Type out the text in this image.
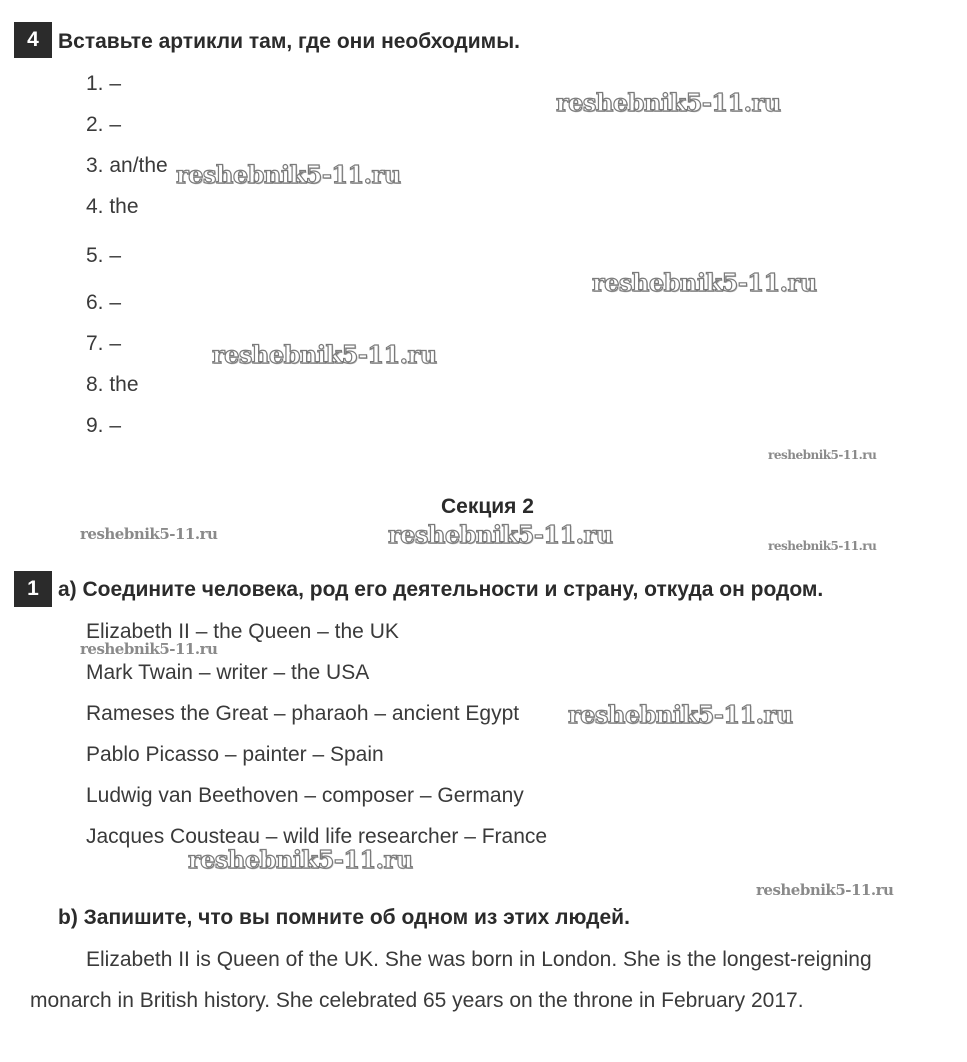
4 Вставьте артикли там, где они необходимы.
1. –
2. –
3. an/the
4. the
5. –
6. –
7. –
8. the
9. –
Секция 2
1 a) Соедините человека, род его деятельности и страну, откуда он родом.
Elizabeth II – the Queen – the UK
Mark Twain – writer – the USA
Rameses the Great – pharaoh – ancient Egypt
Pablo Picasso – painter – Spain
Ludwig van Beethoven – composer – Germany
Jacques Cousteau – wild life researcher – France
b) Запишите, что вы помните об одном из этих людей.
Elizabeth II is Queen of the UK. She was born in London. She is the longest-reigning
monarch in British history. She celebrated 65 years on the throne in February 2017.
reshebnik5-11.ru
reshebnik5-11.ru
reshebnik5-11.ru
reshebnik5-11.ru
reshebnik5-11.ru
reshebnik5-11.ru	reshebnik5-11.ru	reshebnik5-11.ru
reshebnik5-11.ru
reshebnik5-11.ru
reshebnik5-11.ru
reshebnik5-11.ru
